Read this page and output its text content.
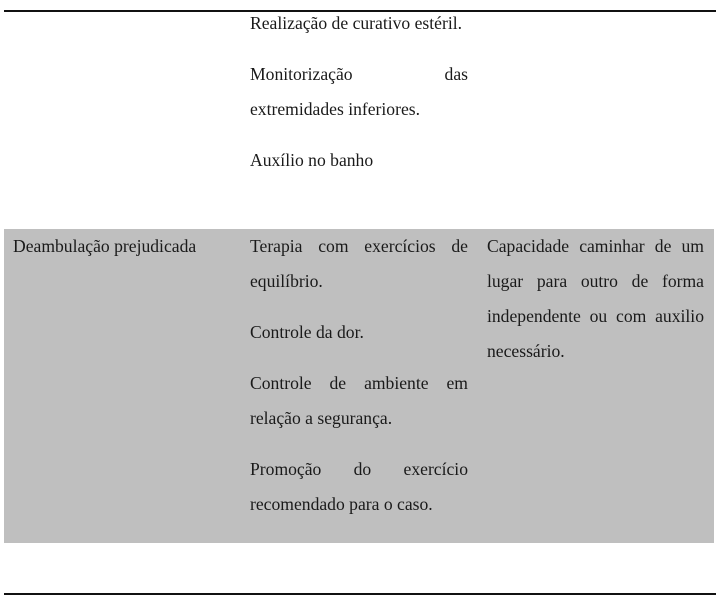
Realização de curativo estéril.

Monitorização das extremidades inferiores.

Auxílio no banho

Deambulação prejudicada	Terapia com exercícios de equilíbrio.

Controle da dor.

Controle de ambiente em relação a segurança.

Promoção do exercício recomendado para o caso.

Capacidade caminhar de um lugar para outro de forma independente ou com auxilio necessário.
